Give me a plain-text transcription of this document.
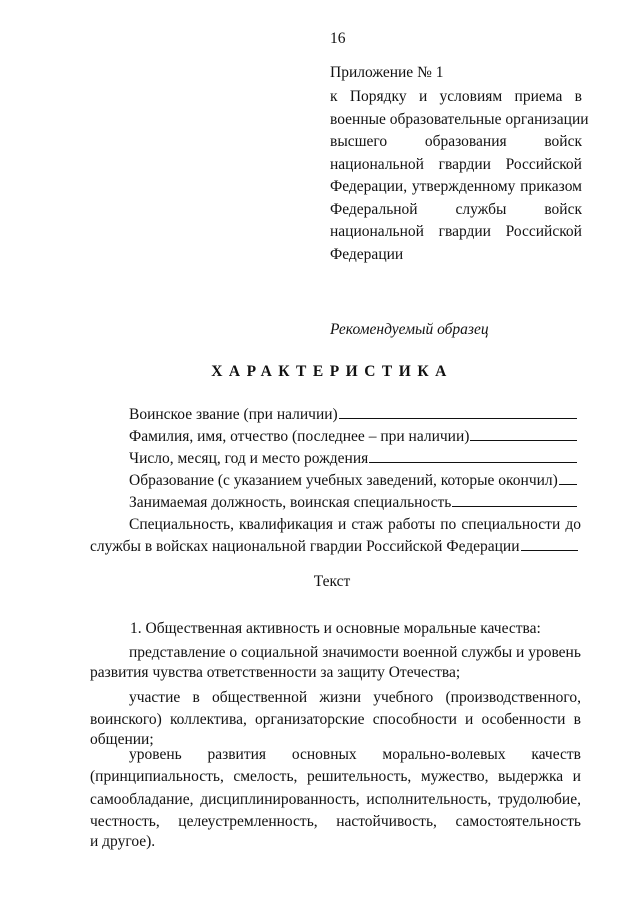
16
Приложение № 1
к Порядку и условиям приема в
военные образовательные организации
высшего образования войск
национальной гвардии Российской
Федерации, утвержденному приказом
Федеральной службы войск
национальной гвардии Российской
Федерации
Рекомендуемый образец
ХАРАКТЕРИСТИКА
Воинское звание (при наличии)
Фамилия, имя, отчество (последнее – при наличии)
Число, месяц, год и место рождения
Образование (с указанием учебных заведений, которые окончил)
Занимаемая должность, воинская специальность
Специальность, квалификация и стаж работы по специальности до
службы в войсках национальной гвардии Российской Федерации
Текст
1. Общественная активность и основные моральные качества:
представление о социальной значимости военной службы и уровень
развития чувства ответственности за защиту Отечества;
участие в общественной жизни учебного (производственного,
воинского) коллектива, организаторские способности и особенности в
общении;
уровень развития основных морально-волевых качеств
(принципиальность, смелость, решительность, мужество, выдержка и
самообладание, дисциплинированность, исполнительность, трудолюбие,
честность, целеустремленность, настойчивость, самостоятельность
и другое).
